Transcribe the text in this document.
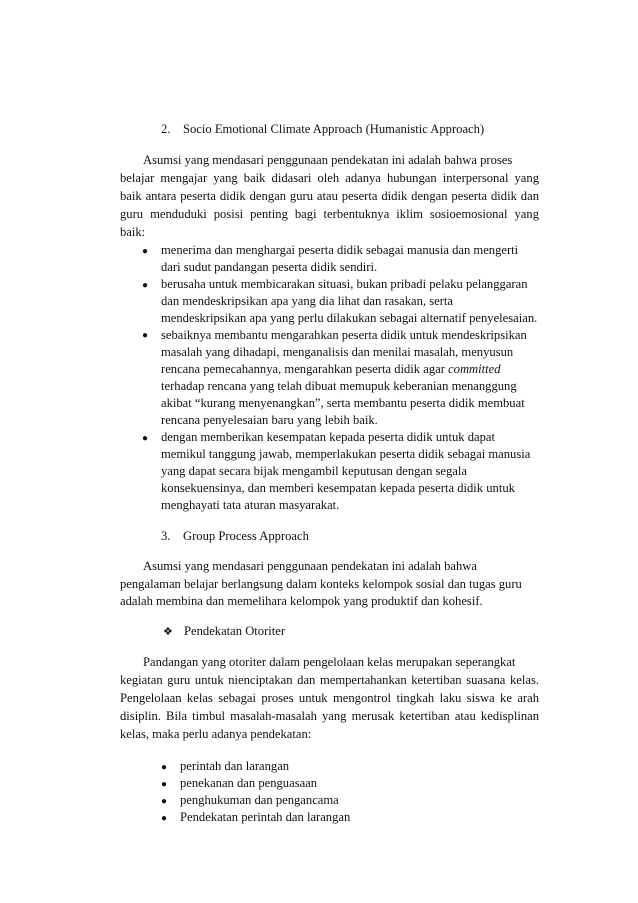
2. Socio Emotional Climate Approach (Humanistic Approach)
Asumsi yang mendasari penggunaan pendekatan ini adalah bahwa proses
belajar mengajar yang baik didasari oleh adanya hubungan interpersonal yang
baik antara peserta didik dengan guru atau peserta didik dengan peserta didik dan
guru menduduki posisi penting bagi terbentuknya iklim sosioemosional yang
baik:
● menerima dan menghargai peserta didik sebagai manusia dan mengerti
dari sudut pandangan peserta didik sendiri.
● berusaha untuk membicarakan situasi, bukan pribadi pelaku pelanggaran
dan mendeskripsikan apa yang dia lihat dan rasakan, serta
mendeskripsikan apa yang perlu dilakukan sebagai alternatif penyelesaian.
● sebaiknya membantu mengarahkan peserta didik untuk mendeskripsikan
masalah yang dihadapi, menganalisis dan menilai masalah, menyusun
rencana pemecahannya, mengarahkan peserta didik agar committed
terhadap rencana yang telah dibuat memupuk keberanian menanggung
akibat “kurang menyenangkan”, serta membantu peserta didik membuat
rencana penyelesaian baru yang lebih baik.
● dengan memberikan kesempatan kepada peserta didik untuk dapat
memikul tanggung jawab, memperlakukan peserta didik sebagai manusia
yang dapat secara bijak mengambil keputusan dengan segala
konsekuensinya, dan memberi kesempatan kepada peserta didik untuk
menghayati tata aturan masyarakat.
3. Group Process Approach
Asumsi yang mendasari penggunaan pendekatan ini adalah bahwa
pengalaman belajar berlangsung dalam konteks kelompok sosial dan tugas guru
adalah membina dan memelihara kelompok yang produktif dan kohesif.
❖ Pendekatan Otoriter
Pandangan yang otoriter dalam pengelolaan kelas merupakan seperangkat
kegiatan guru untuk nienciptakan dan mempertahankan ketertiban suasana kelas.
Pengelolaan kelas sebagai proses untuk mengontrol tingkah laku siswa ke arah
disiplin. Bila timbul masalah-masalah yang merusak ketertiban atau kedisplinan
kelas, maka perlu adanya pendekatan:
● perintah dan larangan
● penekanan dan penguasaan
● penghukuman dan pengancama
● Pendekatan perintah dan larangan
